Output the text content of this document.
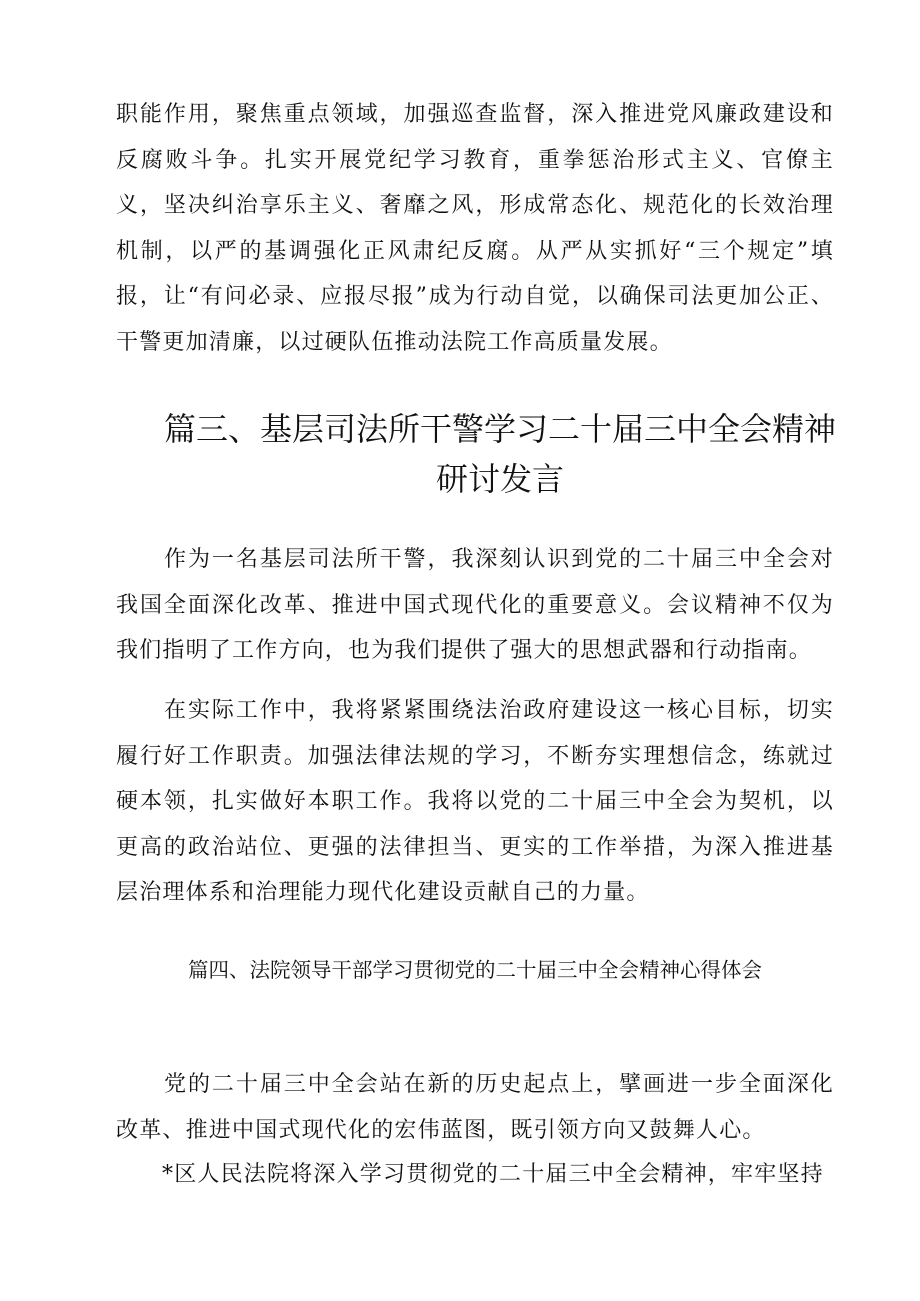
职能作用，聚焦重点领域，加强巡查监督，深入推进党风廉政建设和反腐败斗争。扎实开展党纪学习教育，重拳惩治形式主义、官僚主义，坚决纠治享乐主义、奢靡之风，形成常态化、规范化的长效治理机制，以严的基调强化正风肃纪反腐。从严从实抓好“三个规定”填报，让“有问必录、应报尽报”成为行动自觉，以确保司法更加公正、干警更加清廉，以过硬队伍推动法院工作高质量发展。

篇三、基层司法所干警学习二十届三中全会精神研讨发言

作为一名基层司法所干警，我深刻认识到党的二十届三中全会对我国全面深化改革、推进中国式现代化的重要意义。会议精神不仅为我们指明了工作方向，也为我们提供了强大的思想武器和行动指南。

在实际工作中，我将紧紧围绕法治政府建设这一核心目标，切实履行好工作职责。加强法律法规的学习，不断夯实理想信念，练就过硬本领，扎实做好本职工作。我将以党的二十届三中全会为契机，以更高的政治站位、更强的法律担当、更实的工作举措，为深入推进基层治理体系和治理能力现代化建设贡献自己的力量。

篇四、法院领导干部学习贯彻党的二十届三中全会精神心得体会

党的二十届三中全会站在新的历史起点上，擘画进一步全面深化改革、推进中国式现代化的宏伟蓝图，既引领方向又鼓舞人心。

*区人民法院将深入学习贯彻党的二十届三中全会精神，牢牢坚持
